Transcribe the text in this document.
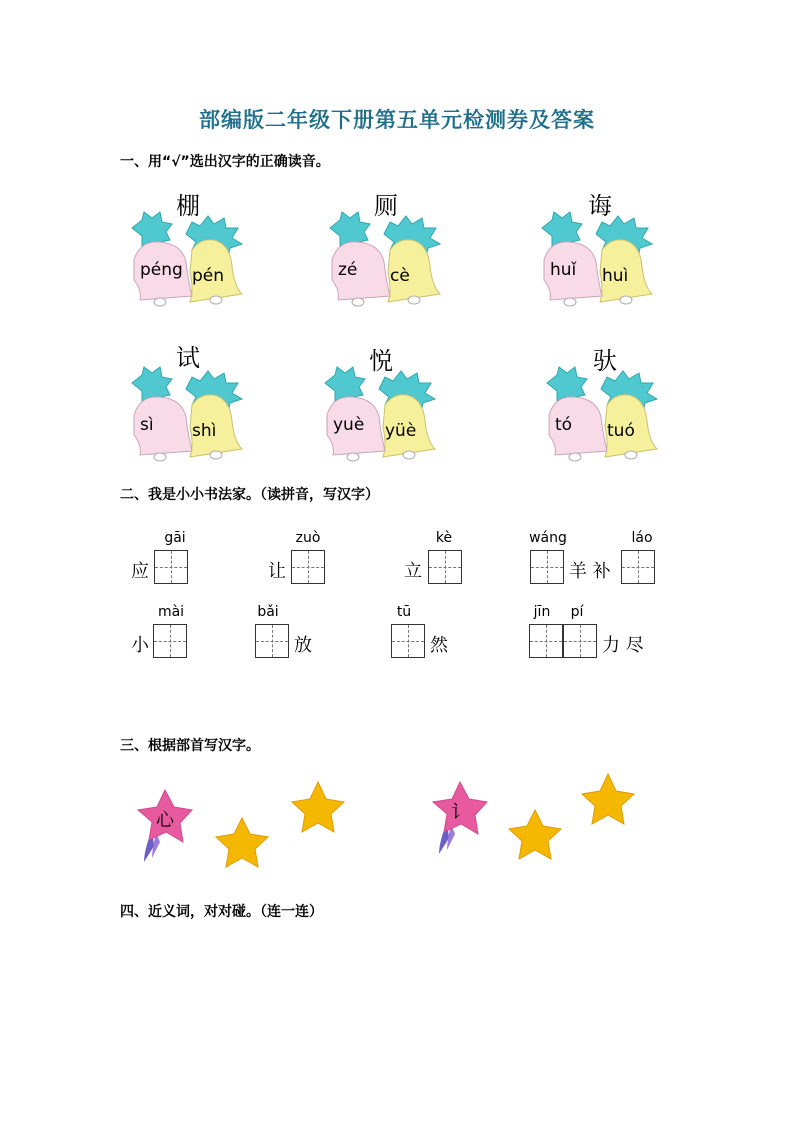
部编版二年级下册第五单元检测券及答案
一、用“√”选出汉字的正确读音。
棚
péng pén
厕
zé cè
诲
huǐ huì
试
sì shì
悦
yuè yüè
驮
tó tuó
二、我是小小书法家。（读拼音，写汉字）
gāi
应
zuò
让
kè
立
wáng
羊 补
láo
mài
小
bǎi
放
tū
然
jīn	pí
力 尽
三、根据部首写汉字。
心	讠
四、近义词，对对碰。（连一连）
